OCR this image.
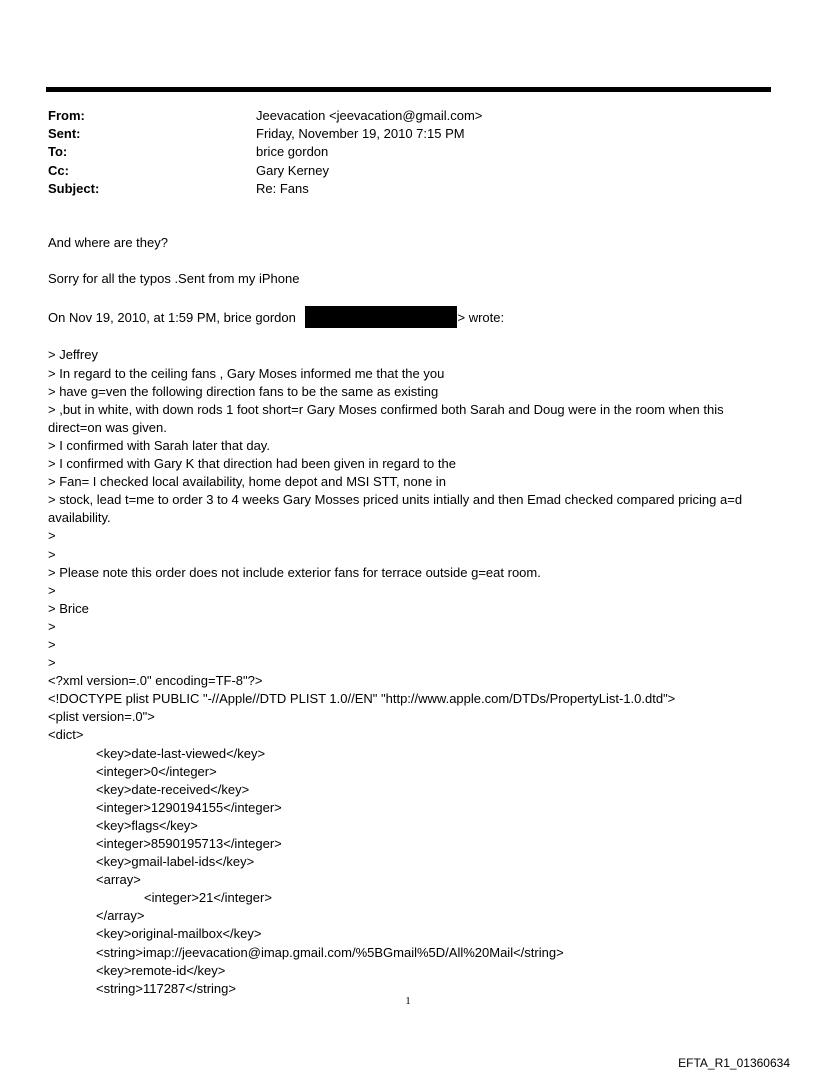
From:	Jeevacation <jeevacation@gmail.com>
Sent:	Friday, November 19, 2010 7:15 PM
To:	brice gordon
Cc:	Gary Kerney
Subject:	Re: Fans
And where are they?
Sorry for all the typos .Sent from my iPhone
On Nov 19, 2010, at 1:59 PM, brice gordon	> wrote:
> Jeffrey
> In regard to the ceiling fans , Gary Moses informed me that the you
> have g=ven the following direction fans to be the same as existing
> ,but in white, with down rods 1 foot short=r Gary Moses confirmed both Sarah and Doug were in the room when this direct=on was given.
> I confirmed with Sarah later that day.
> I confirmed with Gary K that direction had been given in regard to the
> Fan= I checked local availability, home depot and MSI STT, none in
> stock, lead t=me to order 3 to 4 weeks Gary Mosses priced units intially and then Emad checked compared pricing a=d availability.
>
>
> Please note this order does not include exterior fans for terrace outside g=eat room.
>
> Brice
>
>
>
<?xml version=.0" encoding=TF-8"?>
<!DOCTYPE plist PUBLIC "-//Apple//DTD PLIST 1.0//EN" "http://www.apple.com/DTDs/PropertyList-1.0.dtd">
<plist version=.0">
<dict>
<key>date-last-viewed</key>
<integer>0</integer>
<key>date-received</key>
<integer>1290194155</integer>
<key>flags</key>
<integer>8590195713</integer>
<key>gmail-label-ids</key>
<array>
<integer>21</integer>
</array>
<key>original-mailbox</key>
<string>imap://jeevacation@imap.gmail.com/%5BGmail%5D/All%20Mail</string>
<key>remote-id</key>
<string>117287</string>
1
EFTA_R1_01360634
